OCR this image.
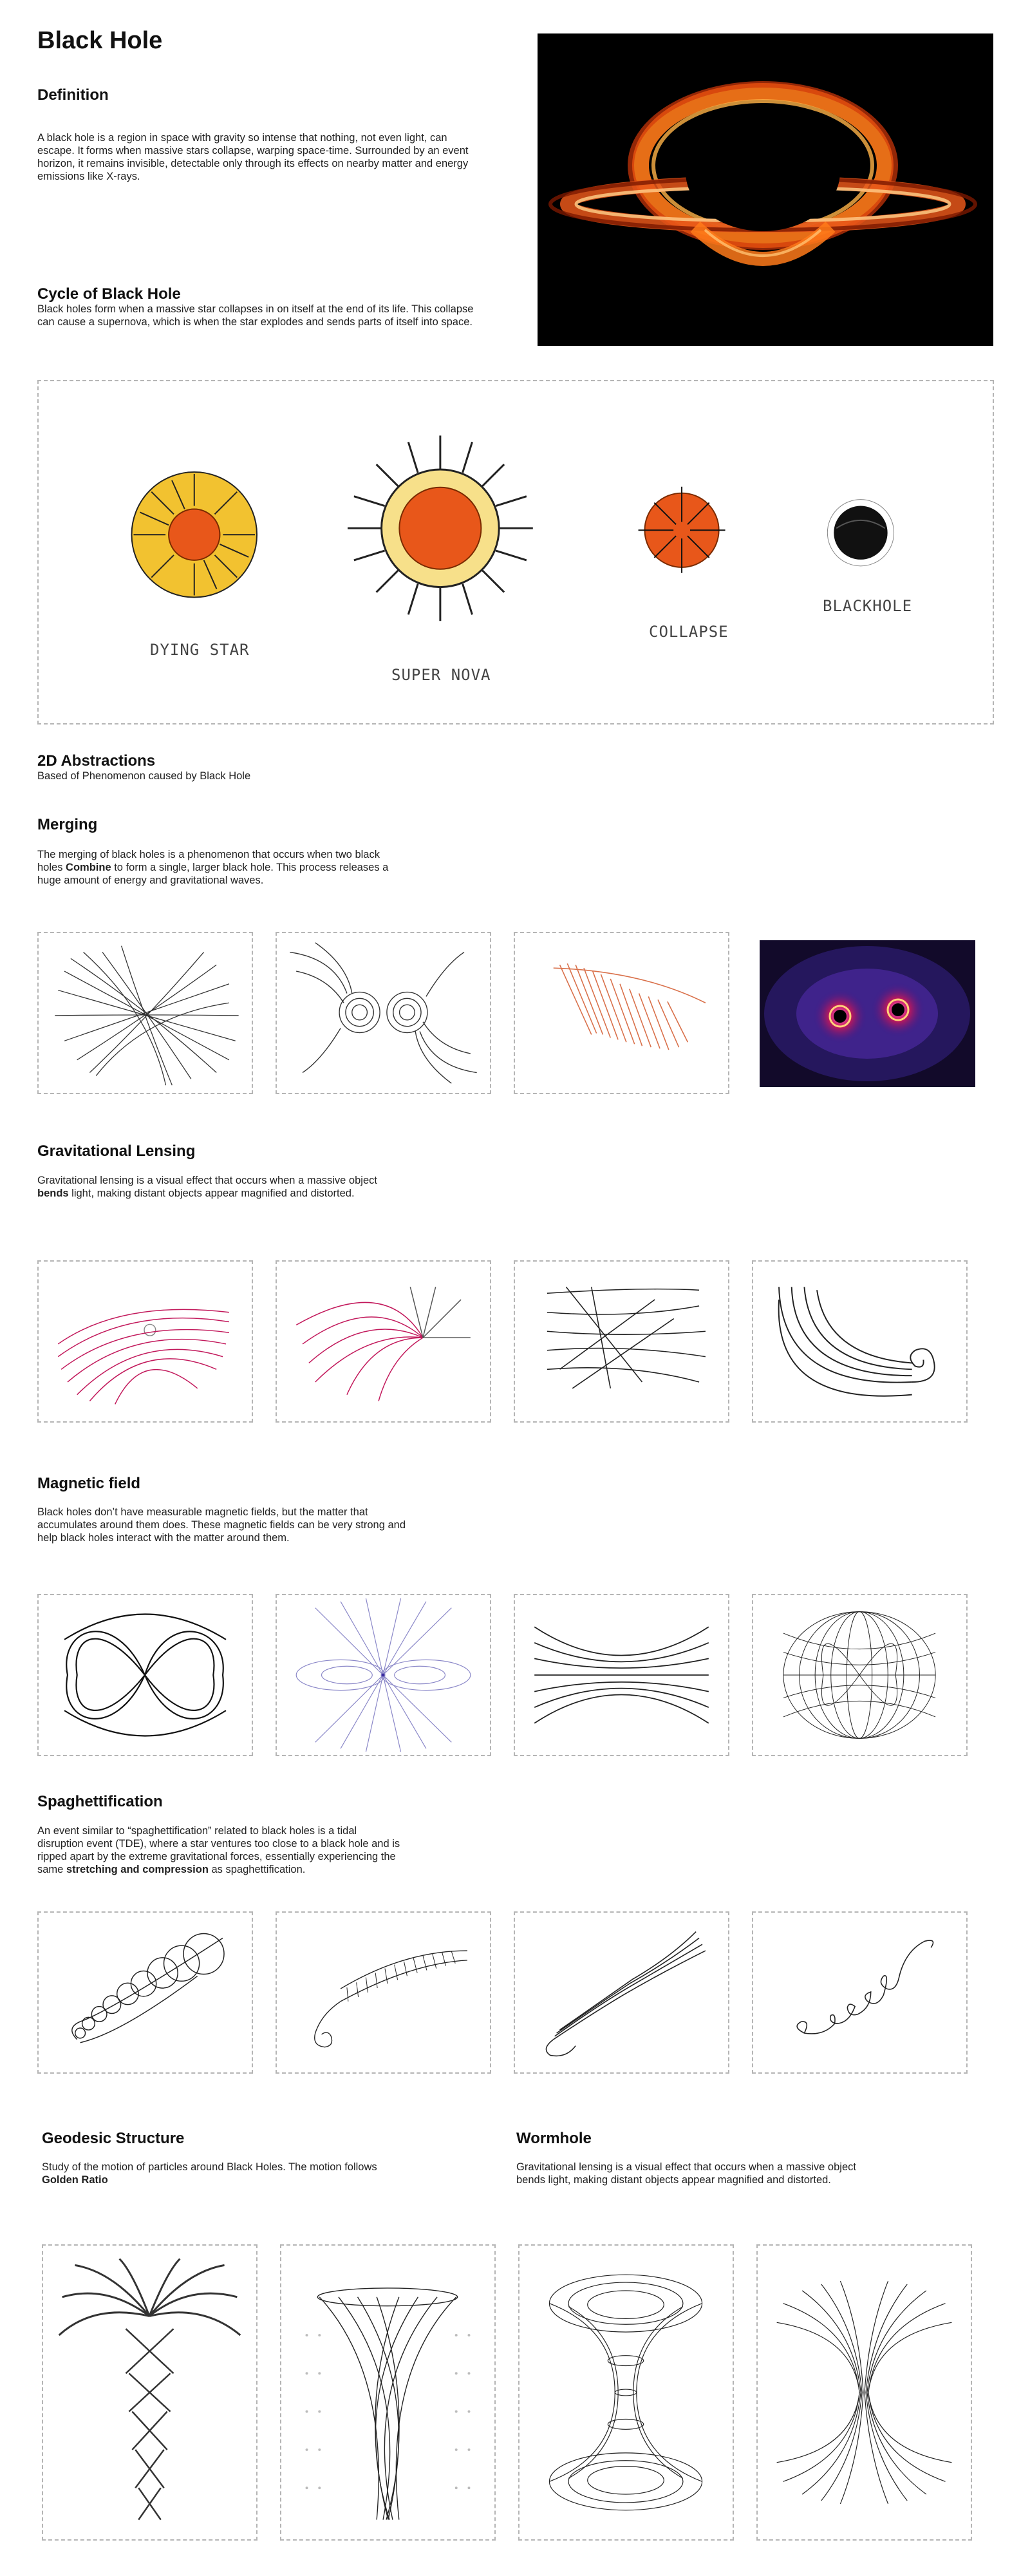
Black Hole
Definition

A black hole is a region in space with gravity so intense that nothing, not even light, can escape. It forms when massive stars collapse, warping space-time. Surrounded by an event horizon, it remains invisible, detectable only through its effects on nearby matter and energy emissions like X-rays.

Cycle of Black Hole

Black holes form when a massive star collapses in on itself at the end of its life. This collapse can cause a supernova, which is when the star explodes and sends parts of itself into space.

DYING STAR
SUPER NOVA
COLLAPSE
BLACKHOLE
2D Abstractions

Based of Phenomenon caused by Black Hole

Merging

The merging of black holes is a phenomenon that occurs when two black holes Combine to form a single, larger black hole. This process releases a huge amount of energy and gravitational waves.

Gravitational Lensing

Gravitational lensing is a visual effect that occurs when a massive object bends light, making distant objects appear magnified and distorted.

Magnetic field

Black holes don’t have measurable magnetic fields, but the matter that accumulates around them does. These magnetic fields can be very strong and help black holes interact with the matter around them.

Spaghettification

An event similar to “spaghettification” related to black holes is a tidal disruption event (TDE), where a star ventures too close to a black hole and is ripped apart by the extreme gravitational forces, essentially experiencing the same stretching and compression as spaghettification.

Geodesic Structure

Study of the motion of particles around Black Holes. The motion follows Golden Ratio

Wormhole

Gravitational lensing is a visual effect that occurs when a massive object bends light, making distant objects appear magnified and distorted.
